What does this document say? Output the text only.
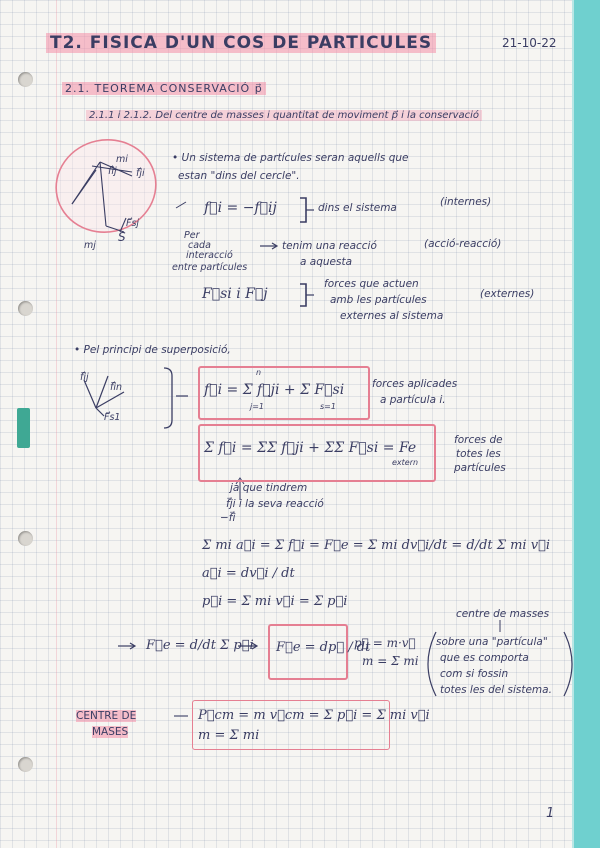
T2. FISICA D'UN COS DE PARTICULES	21-10-22
2.1. TEOREMA CONSERVACIÓ p⃗
2.1.1 i 2.1.2. Del centre de masses i quantitat de moviment p⃗ i la conservació
mi
f⃗ij f⃗ji
F⃗sj
mj
S
• Un sistema de partícules seran aquells que
estan "dins del cercle".
f⃗i = −f⃗ij	dins el sistema	(internes)
Per
cada
interacció
entre partícules
tenim una reacció
a aquesta
(acció-reacció)
F⃗si i F⃗j
forces que actuen
amb les partícules
externes al sistema
(externes)
• Pel principi de superposició,
f⃗ij
f⃗in
F⃗s1
f⃗i = Σ f⃗ji + Σ F⃗si
n
j=1	s=1
forces aplicades
a partícula i.
Σ f⃗i = ΣΣ f⃗ji + ΣΣ F⃗si = Fe
extern
forces de
totes les
partícules
ja que tindrem
f⃗ji i la seva reacció
−f⃗i
Σ mi a⃗i = Σ f⃗i = F⃗e = Σ mi dv⃗i/dt = d/dt Σ mi v⃗i
a⃗i = dv⃗i / dt
p⃗i = Σ mi v⃗i = Σ p⃗i
F⃗e = d/dt Σ p⃗i F⃗e = dp⃗ / dt
p⃗ = m·v⃗
m = Σ mi
centre de masses
sobre una "partícula"
que es comporta
com si fossin
totes les del sistema.
CENTRE DE
MASES
P⃗cm = m v⃗cm = Σ p⃗i = Σ mi v⃗i
m = Σ mi
1
